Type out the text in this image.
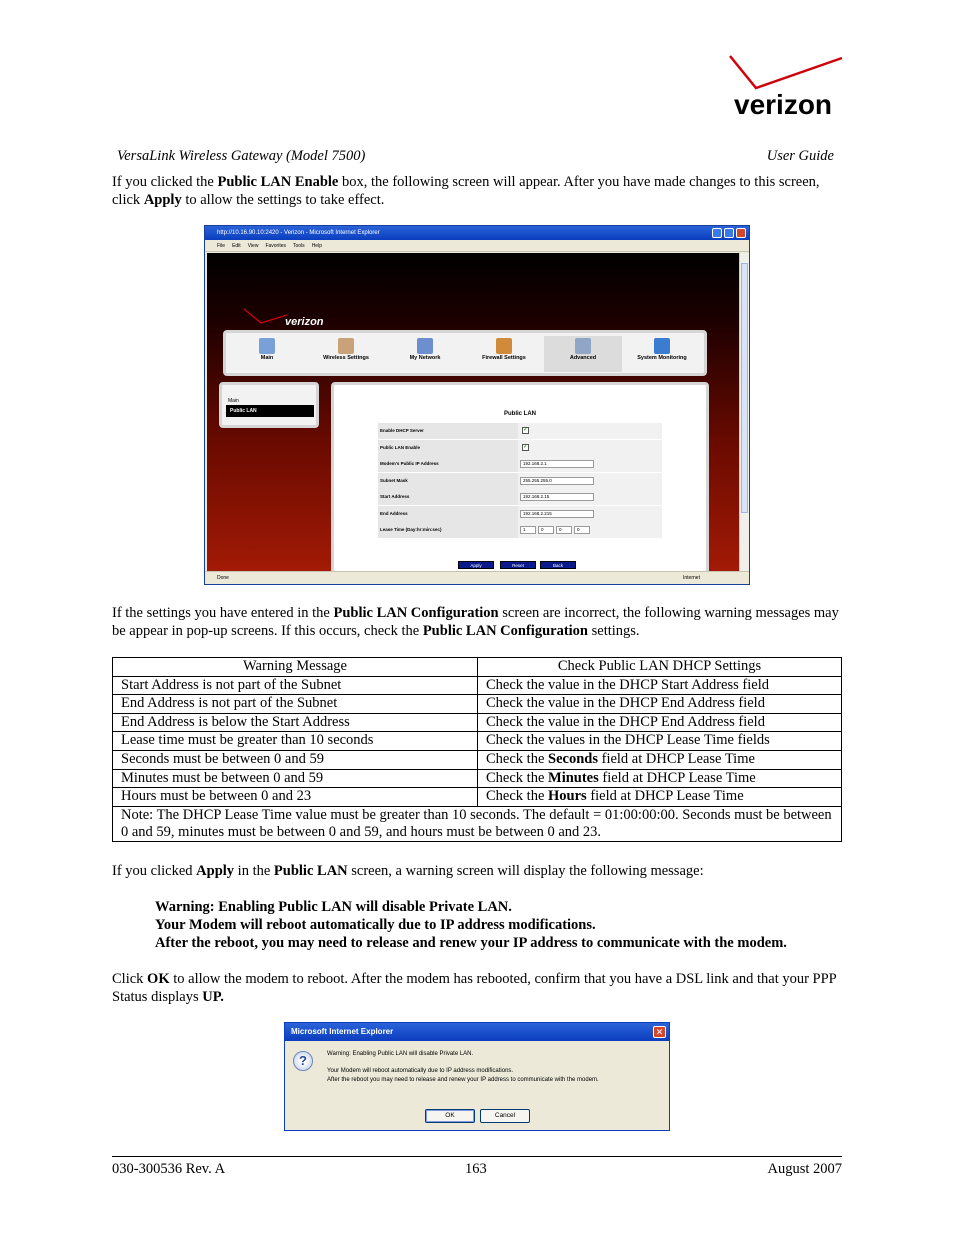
verizon
VersaLink Wireless Gateway (Model 7500)	User Guide
If you clicked the Public LAN Enable box, the following screen will appear. After you have made changes to this screen, click Apply to allow the settings to take effect.
http://10.16.90.10:2420 - Verizon - Microsoft Internet Explorer
File Edit View Favorites Tools Help
verizon
Main	Wireless Settings	My Network	Firewall Settings	Advanced	System Monitoring
Main
Public LAN	Public LAN
Enable DHCP Server	✓
Public LAN Enable	✓
Modem's Public IP Address	192.168.2.1
Subnet Mask	255.255.255.0
Start Address	192.168.2.15
End Address	192.168.2.215
Lease Time (Day:hr:min:sec)	1	0	0	0
Apply	Reset	Back
Done	Internet
If the settings you have entered in the Public LAN Configuration screen are incorrect, the following warning messages may be appear in pop-up screens. If this occurs, check the Public LAN Configuration settings.
Warning Message	Check Public LAN DHCP Settings
Start Address is not part of the Subnet	Check the value in the DHCP Start Address field
End Address is not part of the Subnet	Check the value in the DHCP End Address field
End Address is below the Start Address	Check the value in the DHCP End Address field
Lease time must be greater than 10 seconds	Check the values in the DHCP Lease Time fields
Seconds must be between 0 and 59	Check the Seconds field at DHCP Lease Time
Minutes must be between 0 and 59	Check the Minutes field at DHCP Lease Time
Hours must be between 0 and 23	Check the Hours field at DHCP Lease Time
Note: The DHCP Lease Time value must be greater than 10 seconds. The default = 01:00:00:00. Seconds must be between 0 and 59, minutes must be between 0 and 59, and hours must be between 0 and 23.	
If you clicked Apply in the Public LAN screen, a warning screen will display the following message:
Warning: Enabling Public LAN will disable Private LAN.
Your Modem will reboot automatically due to IP address modifications.
After the reboot, you may need to release and renew your IP address to communicate with the modem.
Click OK to allow the modem to reboot. After the modem has rebooted, confirm that you have a DSL link and that your PPP Status displays UP.
Microsoft Internet Explorer	✕
?	Warning: Enabling Public LAN will disable Private LAN.
Your Modem will reboot automatically due to IP address modifications.
After the reboot you may need to release and renew your IP address to communicate with the modem.
OK	Cancel
030-300536 Rev. A	163	August 2007
